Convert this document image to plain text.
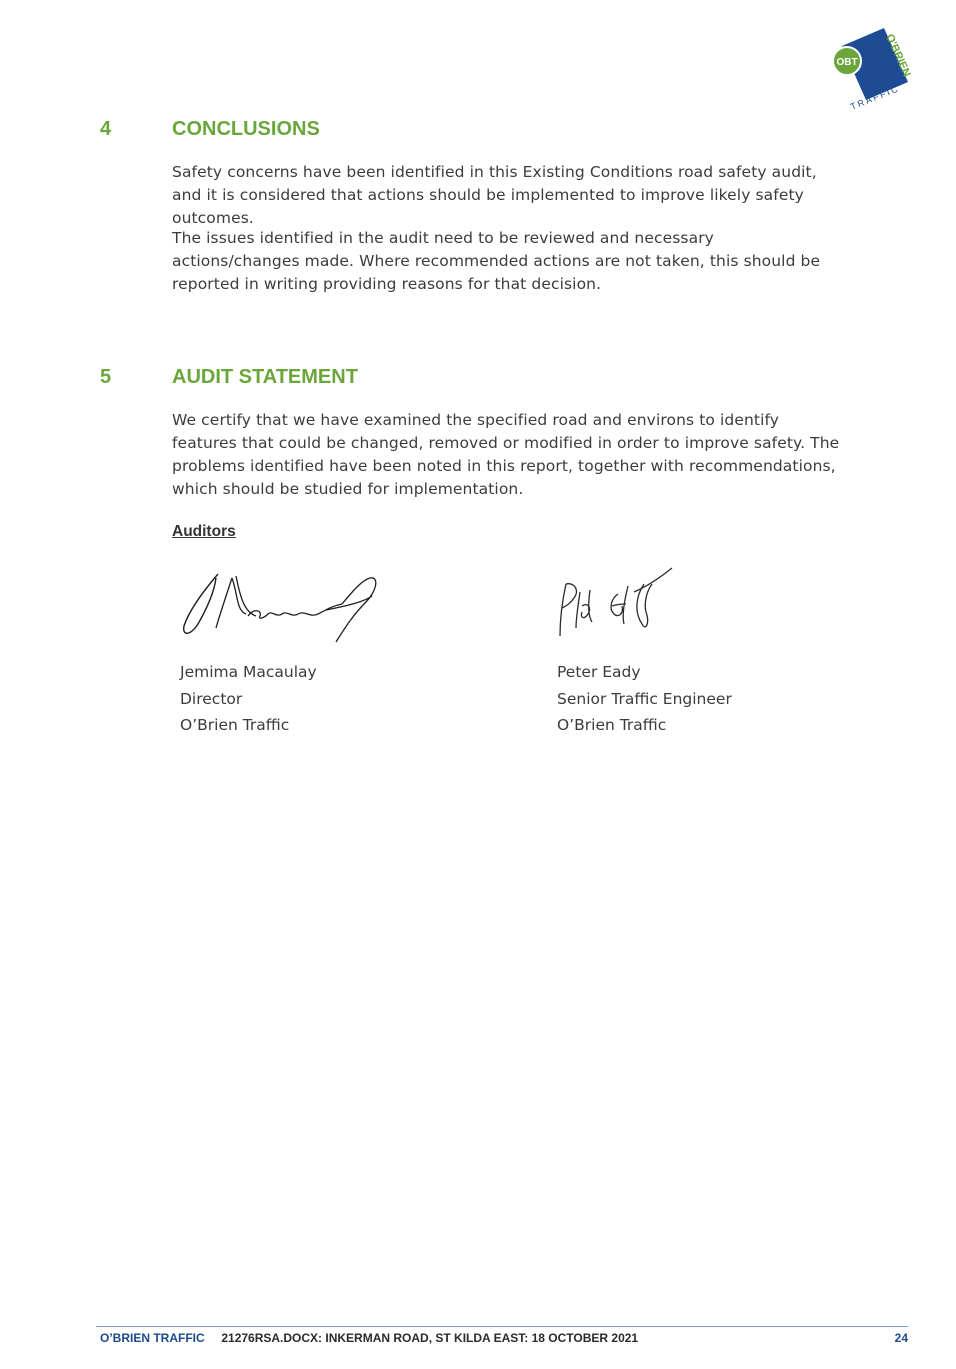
OBT O'BRIEN
TRAFFIC
4	CONCLUSIONS
Safety concerns have been identified in this Existing Conditions road safety audit, and it is considered that actions should be implemented to improve likely safety outcomes.
The issues identified in the audit need to be reviewed and necessary actions/changes made. Where recommended actions are not taken, this should be reported in writing providing reasons for that decision.
5	AUDIT STATEMENT
We certify that we have examined the specified road and environs to identify features that could be changed, removed or modified in order to improve safety. The problems identified have been noted in this report, together with recommendations, which should be studied for implementation.
Auditors
Jemima Macaulay
Director
O’Brien Traffic
Peter Eady
Senior Traffic Engineer
O’Brien Traffic
O’BRIEN TRAFFIC 21276RSA.DOCX: INKERMAN ROAD, ST KILDA EAST: 18 OCTOBER 2021	24
